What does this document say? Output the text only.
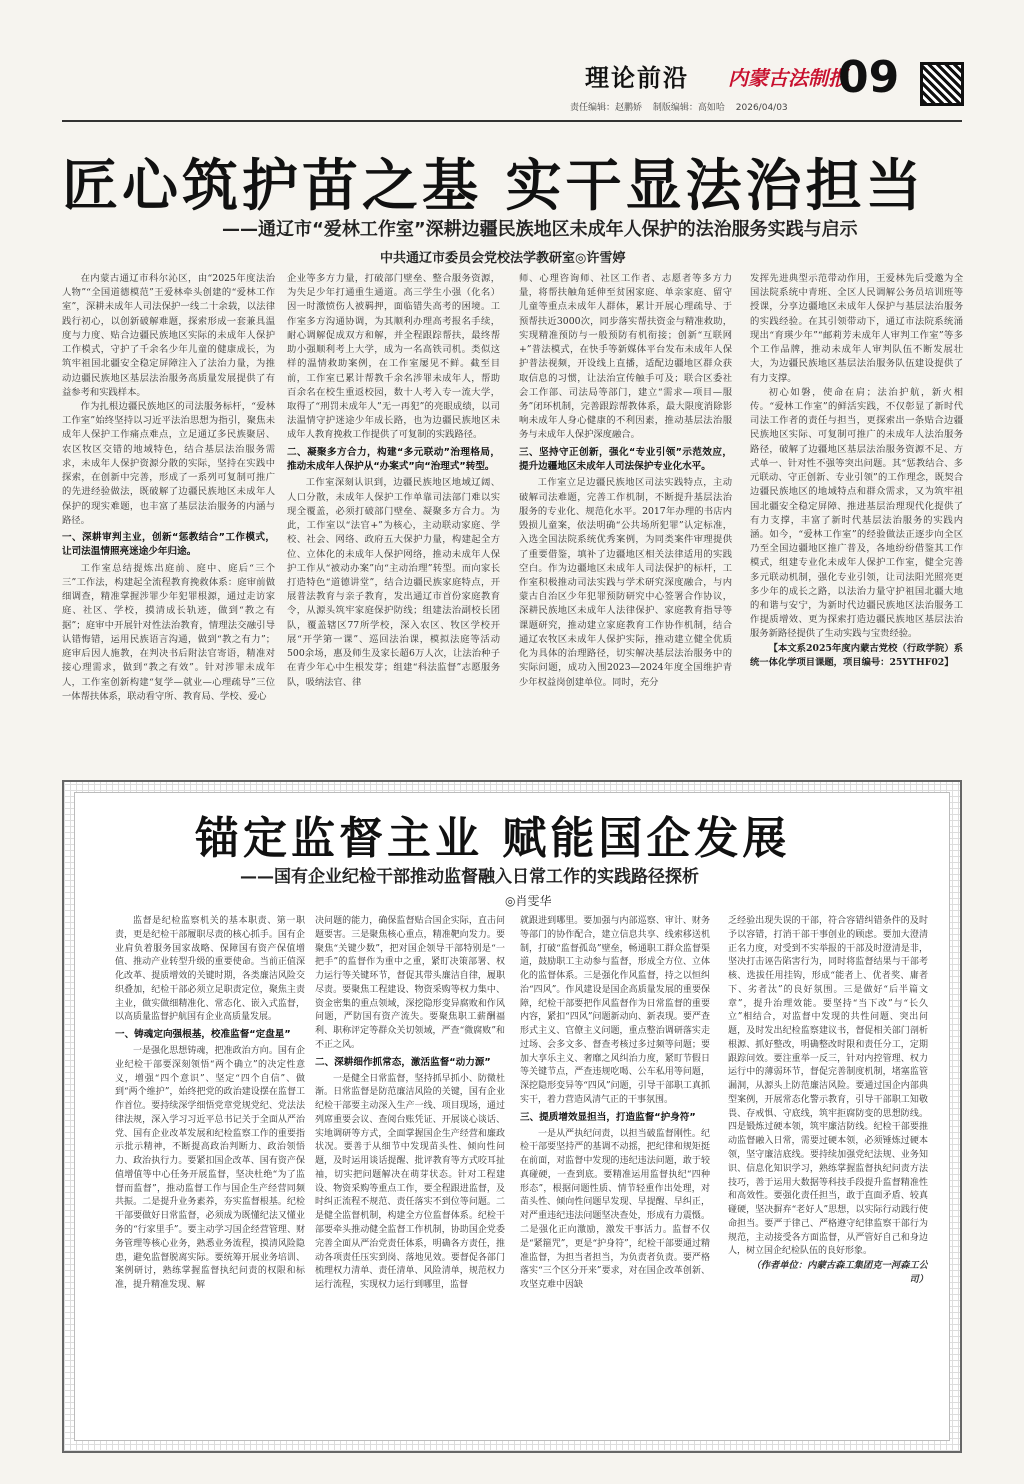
理论前沿 内蒙古法制报
09
责任编辑：赵鹏娇 制版编辑：高如哈 2026/04/03
匠心筑护苗之基 实干显法治担当
——通辽市“爱林工作室”深耕边疆民族地区未成年人保护的法治服务实践与启示
中共通辽市委员会党校法学教研室◎许雪婷

在内蒙古通辽市科尔沁区，由“2025年度法治人物”“全国道德模范”王爱林牵头创建的“爱林工作室”，深耕未成年人司法保护一线二十余载，以法律践行初心，以创新破解难题，探索形成一套兼具温度与力度、贴合边疆民族地区实际的未成年人保护工作模式，守护了千余名少年儿童的健康成长，为筑牢祖国北疆安全稳定屏障注入了法治力量，为推动边疆民族地区基层法治服务高质量发展提供了有益参考和实践样本。

作为扎根边疆民族地区的司法服务标杆，“爱林工作室”始终坚持以习近平法治思想为指引，聚焦未成年人保护工作痛点难点，立足通辽多民族聚居、农区牧区交错的地域特色，结合基层法治服务需求，未成年人保护资源分散的实际，坚持在实践中探索，在创新中完善，形成了一系列可复制可推广的先进经验做法，既破解了边疆民族地区未成年人保护的现实难题，也丰富了基层法治服务的内涵与路径。

一、深耕审判主业，创新“惩教结合”工作模式，让司法温情照亮迷途少年归途。

工作室总结提炼出庭前、庭中、庭后“三个三”工作法，构建起全流程教育挽救体系：庭审前做细调查，精准掌握涉罪少年犯罪根源，通过走访家庭、社区、学校，摸清成长轨迹，做到“教之有据”；庭审中开展针对性法治教育，情理法交融引导认错悔错，运用民族语言沟通，做到“教之有力”；庭审后因人施教，在判决书后附法官寄语，精准对接心理需求，做到“教之有效”。针对涉罪未成年人，工作室创新构建“复学—就业—心理疏导”三位一体帮扶体系，联动看守所、教育局、学校、爱心

企业等多方力量，打破部门壁垒、整合服务资源，为失足少年打通重生通道。高三学生小强（化名）因一时激愤伤人被羁押，面临错失高考的困境。工作室多方沟通协调，为其顺利办理高考报名手续，耐心调解促成双方和解，并全程跟踪帮扶，最终帮助小强顺利考上大学，成为一名高铁司机。类似这样的温情救助案例，在工作室屡见不鲜。截至目前，工作室已累计帮教千余名涉罪未成年人，帮助百余名在校生重返校园，数十人考入专一流大学，取得了“刑罚未成年人”无一再犯”的亮眼成绩，以司法温情守护迷途少年成长路，也为边疆民族地区未成年人教育挽救工作提供了可复制的实践路径。

二、凝聚多方合力，构建“多元联动”治理格局，推动未成年人保护从“办案式”向“治理式”转型。

工作室深刻认识到，边疆民族地区地域辽阔、人口分散，未成年人保护工作单靠司法部门难以实现全覆盖，必须打破部门壁垒、凝聚多方合力。为此，工作室以“法官+”为核心，主动联动家庭、学校、社会、网络、政府五大保护力量，构建起全方位、立体化的未成年人保护网络，推动未成年人保护工作从“被动办案”向“主动治理”转型。而向家长打造特色“道德讲堂”，结合边疆民族家庭特点，开展普法教育与亲子教育，发出通辽市首份家庭教育令，从源头筑牢家庭保护防线；组建法治副校长团队，覆盖辖区77所学校，深入农区、牧区学校开展“开学第一课”、巡回法治课，模拟法庭等活动500余场，惠及师生及家长超6万人次，让法治种子在青少年心中生根发芽；组建“科法监督”志愿服务队，吸纳法官、律

师、心理咨询师、社区工作者、志愿者等多方力量，将帮扶触角延伸至贫困家庭、单亲家庭、留守儿童等重点未成年人群体，累计开展心理疏导、于预帮扶近3000次，同步落实帮扶资金与精准救助，实现精准预防与一般预防有机衔接；创新“互联网+”普法模式，在快手等新媒体平台发布未成年人保护普法视频，开设线上直播，适配边疆地区群众获取信息的习惯，让法治宣传触手可及；联合区委社会工作部、司法局等部门，建立“需求—项目—服务”闭环机制，完善跟踪帮教体系，最大限度消除影响未成年人身心健康的不利因素，推动基层法治服务与未成年人保护深度融合。

三、坚持守正创新，强化“专业引领”示范效应，提升边疆地区未成年人司法保护专业化水平。

工作室立足边疆民族地区司法实践特点，主动破解司法难题，完善工作机制，不断提升基层法治服务的专业化、规范化水平。2017年办理的书店内毁损儿童案，依法明确“公共场所犯罪”认定标准，入选全国法院系统优秀案例，为同类案件审理提供了重要借鉴，填补了边疆地区相关法律适用的实践空白。作为边疆地区未成年人司法保护的标杆，工作室积极推动司法实践与学术研究深度融合，与内蒙古自治区少年犯罪预防研究中心签署合作协议，深耕民族地区未成年人法律保护、家庭教育指导等课题研究，推动建立家庭教育工作协作机制，结合通辽农牧区未成年人保护实际，推动建立健全优质化为具体的治理路径，切实解决基层法治服务中的实际问题，成功入围2023—2024年度全国维护青少年权益岗创建单位。同时，充分

发挥先进典型示范带动作用，王爱林先后受邀为全国法院系统中青班、全区人民调解公务员培训班等授课，分享边疆地区未成年人保护与基层法治服务的实践经验。在其引领带动下，通辽市法院系统涌现出“育瑛少年”“邮莉芳未成年人审判工作室”等多个工作品牌，推动未成年人审判队伍不断发展壮大，为边疆民族地区基层法治服务队伍建设提供了有力支撑。

初心如磐，使命在肩；法治护航，新火相传。“爱林工作室”的鲜活实践，不仅彰显了新时代司法工作者的责任与担当，更探索出一条贴合边疆民族地区实际、可复制可推广的未成年人法治服务路径，破解了边疆地区基层法治服务资源不足、方式单一、针对性不强等突出问题。其“惩教结合、多元联动、守正创新、专业引领”的工作理念，既契合边疆民族地区的地域特点和群众需求，又为筑牢祖国北疆安全稳定屏障、推进基层治理现代化提供了有力支撑，丰富了新时代基层法治服务的实践内涵。如今，“爱林工作室”的经验做法正逐步向全区乃至全国边疆地区推广普及，各地纷纷借鉴其工作模式，组建专业化未成年人保护工作室，健全完善多元联动机制，强化专业引领，让司法阳光照亮更多少年的成长之路，以法治力量守护祖国北疆大地的和谐与安宁，为新时代边疆民族地区法治服务工作提质增效、更为探索打造边疆民族地区基层法治服务新路径提供了生动实践与宝贵经验。

【本文系2025年度内蒙古党校（行政学院）系统一体化学项目课题，项目编号：25YTHF02】

锚定监督主业 赋能国企发展
——国有企业纪检干部推动监督融入日常工作的实践路径探析
◎肖雯华

监督是纪检监察机关的基本职责、第一职责，更是纪检干部履职尽责的核心抓手。国有企业肩负着服务国家战略、保障国有资产保值增值、推动产业转型升级的重要使命。当前正值深化改革、提质增效的关键时期，各类廉洁风险交织叠加，纪检干部必须立足职责定位，聚焦主责主业，做实做细精准化、常态化、嵌入式监督，以高质量监督护航国有企业高质量发展。

一、铸魂定向强根基，校准监督“定盘星”

一是强化思想铸魂，把准政治方向。国有企业纪检干部要深刻领悟“两个确立”的决定性意义，增强“四个意识”、坚定“四个自信”、做到“两个维护”，始终把党的政治建设摆在监督工作首位。要持续深学细悟党章党规党纪、党法法律法规，深入学习习近平总书记关于全面从严治党、国有企业改革发展和纪检监察工作的重要指示批示精神，不断提高政治判断力、政治领悟力、政治执行力。要紧扣国企改革、国有资产保值增值等中心任务开展监督，坚决杜绝“为了监督而监督”，推动监督工作与国企生产经营同频共振。二是提升业务素养，夯实监督根基。纪检干部要做好日常监督，必须成为既懂纪法又懂业务的“行家里手”。要主动学习国企经营管理、财务管理等核心业务，熟悉业务流程，摸清风险隐患，避免监督脱离实际。要统筹开展业务培训、案例研讨，熟练掌握监督执纪问责的权限和标准，提升精准发现、解

决问题的能力，确保监督贴合国企实际，直击问题要害。三是聚焦核心重点，精准靶向发力。要聚焦“关键少数”，把对国企领导干部特别是“一把手”的监督作为重中之重，紧盯决策部署、权力运行等关键环节，督促其带头廉洁自律，履职尽责。要聚焦工程建设、物资采购等权力集中、资金密集的重点领域，深挖隐形变异腐败和作风问题，严防国有资产流失。要聚焦职工薪酬福利、职称评定等群众关切领域，严查“微腐败”和不正之风。

二、深耕细作抓常态，激活监督“动力源”

一是健全日常监督，坚持抓早抓小、防微杜渐。日常监督是防范廉洁风险的关键，国有企业纪检干部要主动深入生产一线、项目现场，通过列席重要会议、查阅台账凭证、开展谈心谈话、实地调研等方式，全面掌握国企生产经营和廉政状况。要善于从细节中发现苗头性、倾向性问题，及时运用谈话提醒、批评教育等方式咬耳扯袖，切实把问题解决在萌芽状态。针对工程建设、物资采购等重点工作，要全程跟进监督，及时纠正流程不规范、责任落实不到位等问题。二是健全监督机制，构建全方位监督体系。纪检干部要牵头推动健全监督工作机制，协助国企党委完善全面从严治党责任体系，明确各方责任，推动各项责任压实到岗、落地见效。要督促各部门梳理权力清单、责任清单、风险清单，规范权力运行流程，实现权力运行到哪里，监督

就跟进到哪里。要加强与内部巡察、审计、财务等部门的协作配合，建立信息共享、线索移送机制，打破“监督孤岛”壁垒，畅通职工群众监督渠道，鼓励职工主动参与监督，形成全方位、立体化的监督体系。三是强化作风监督，持之以恒纠治“四风”。作风建设是国企高质量发展的重要保障，纪检干部要把作风监督作为日常监督的重要内容，紧扣“四风”问题新动向、新表现。要严查形式主义、官僚主义问题，重点整治调研落实走过场、会多文多、督查考核过多过频等问题；要加大享乐主义、奢靡之风纠治力度，紧盯节假日等关键节点，严查违规吃喝、公车私用等问题，深挖隐形变异等“四风”问题，引导干部职工真抓实干，着力营造风清气正的干事氛围。

三、提质增效显担当，打造监督“护身符”

一是从严执纪问责，以担当破监督刚性。纪检干部要坚持严的基调不动摇，把纪律和规矩挺在前面，对监督中发现的违纪违法问题，敢于较真碰硬，一查到底。要精准运用监督执纪“四种形态”，根据问题性质、情节轻重作出处理，对苗头性、倾向性问题早发现、早提醒、早纠正，对严重违纪违法问题坚决查处，形成有力震慑。二是强化正向激励，激发干事活力。监督不仅是“紧箍咒”，更是“护身符”，纪检干部要通过精准监督，为担当者担当，为负责者负责。要严格落实“三个区分开来”要求，对在国企改革创新、攻坚克难中因缺

乏经验出现失误的干部，符合容错纠错条件的及时予以容错，打消干部干事创业的顾虑。要加大澄清正名力度，对受到不实举报的干部及时澄清是非，坚决打击诬告陷害行为，同时将监督结果与干部考核、选拔任用挂钩，形成“能者上、优者奖、庸者下、劣者汰”的良好氛围。三是做好“后半篇文章”，提升治理效能。要坚持“当下改”与“长久立”相结合，对监督中发现的共性问题、突出问题，及时发出纪检监察建议书，督促相关部门剖析根源、抓好整改，明确整改时限和责任分工，定期跟踪问效。要注重举一反三，针对内控管理、权力运行中的薄弱环节，督促完善制度机制，堵塞监管漏洞，从源头上防范廉洁风险。要通过国企内部典型案例，开展常态化警示教育，引导干部职工知敬畏、存戒惧、守底线，筑牢拒腐防变的思想防线。四是锻炼过硬本领，筑牢廉洁防线。纪检干部要推动监督融入日常，需要过硬本领，必须锤炼过硬本领，坚守廉洁底线。要持续加强党纪法规、业务知识、信息化知识学习，熟练掌握监督执纪问责方法技巧，善于运用大数据等科技手段提升监督精准性和高效性。要强化责任担当，敢于直面矛盾、较真碰硬，坚决摒弃“老好人”思想，以实际行动践行使命担当。要严于律己、严格遵守纪律监察干部行为规范，主动接受各方面监督，从严管好自己和身边人，树立国企纪检队伍的良好形象。

（作者单位：内蒙古森工集团克一河森工公司）
